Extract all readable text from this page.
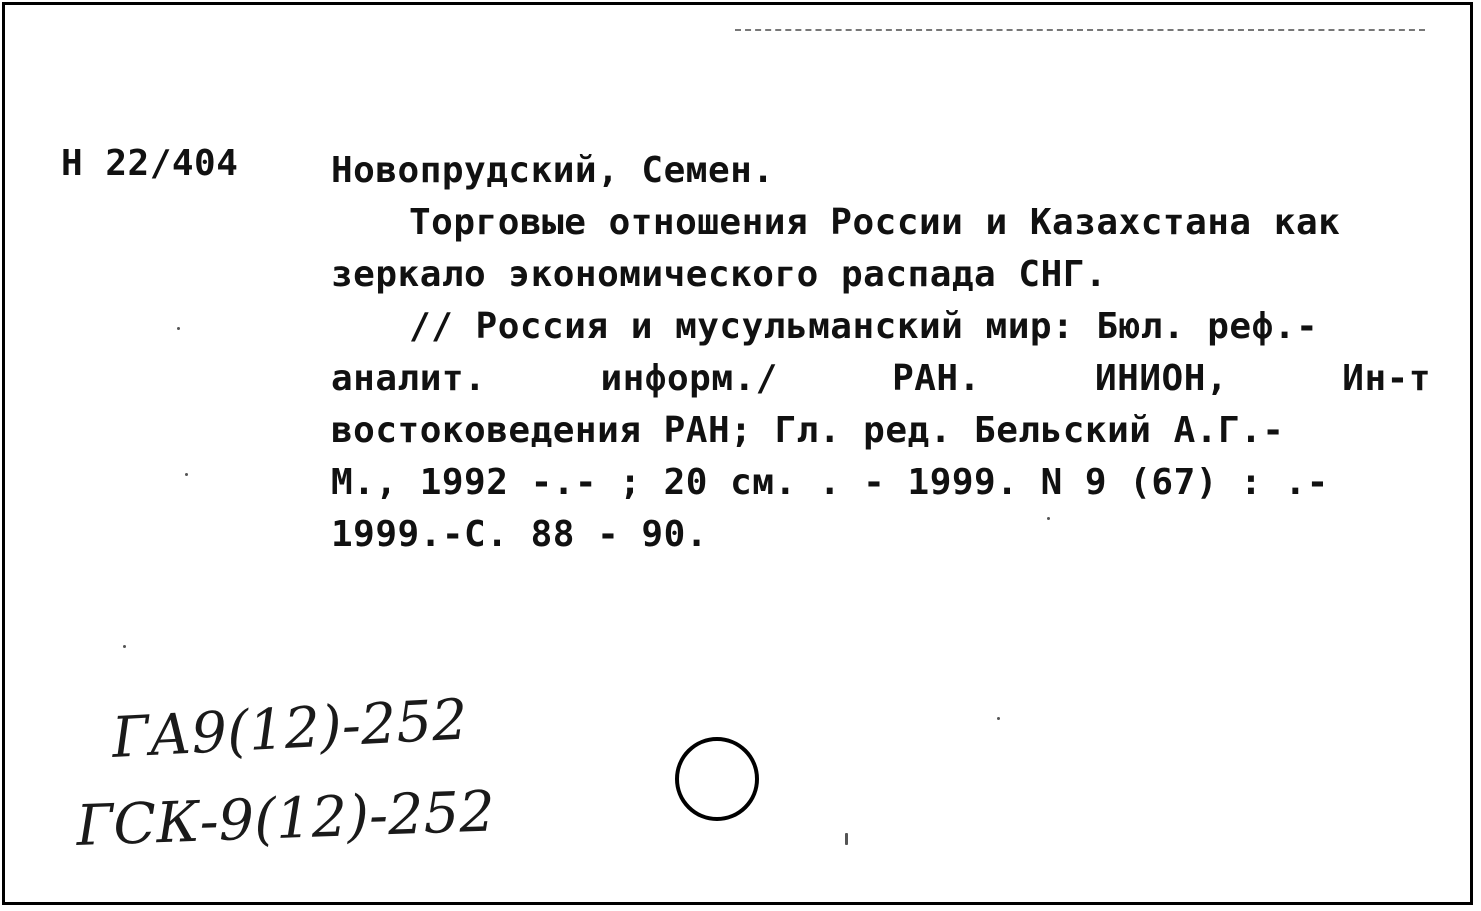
Н 22/404	Новопрудский, Семен.
Торговые отношения России и Казахстана как
зеркало экономического распада СНГ.
// Россия и мусульманский мир: Бюл. реф.-
аналит. информ./ РАН. ИНИОН, Ин-т
востоковедения РАН; Гл. ред. Бельский А.Г.-
М., 1992 -.- ; 20 см. . - 1999. N 9 (67) : .-
1999.-С. 88 - 90.
ГА9(12)-252
ГСК-9(12)-252
